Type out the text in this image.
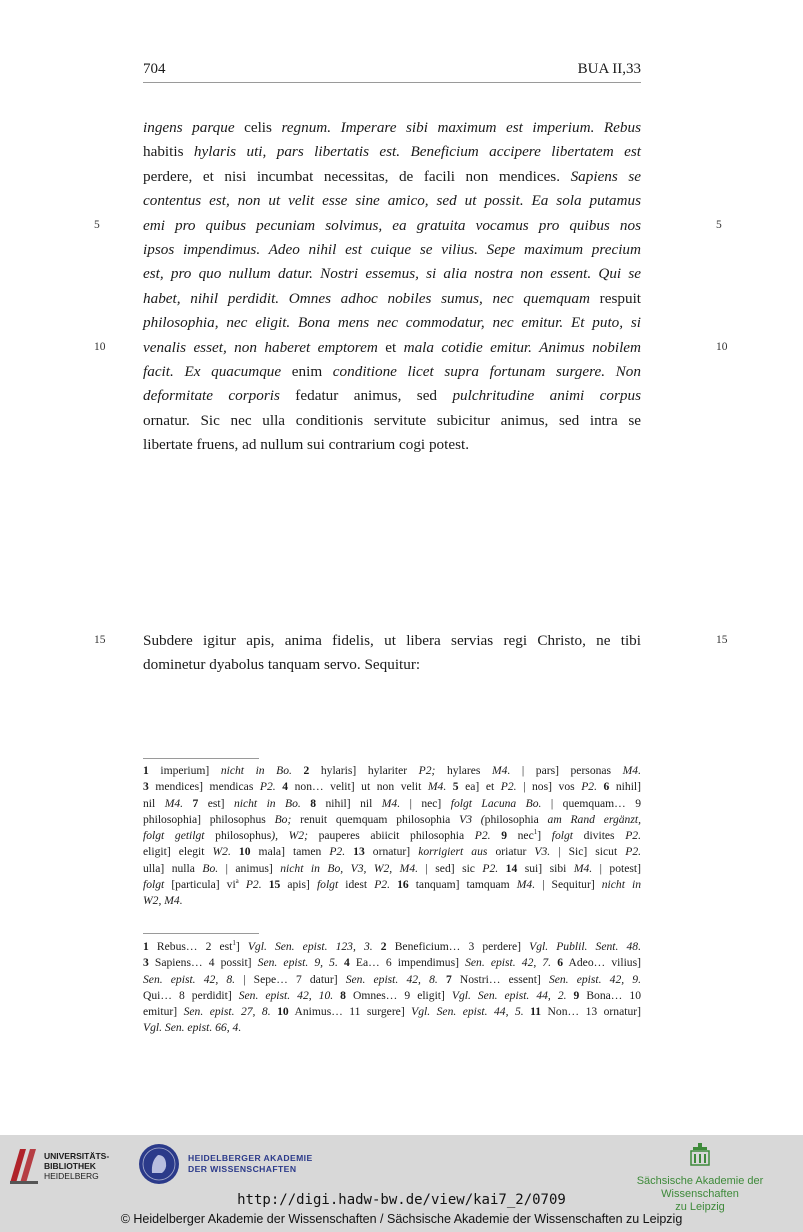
704	BUA II,33
ingens parque celis regnum. Imperare sibi maximum est imperium. Rebus
habitis hylaris uti, pars libertatis est. Beneficium accipere libertatem est
perdere, et nisi incumbat necessitas, de facili non mendices. Sapiens se
contentus est, non ut velit esse sine amico, sed ut possit. Ea sola putamus
emi pro quibus pecuniam solvimus, ea gratuita vocamus pro quibus nos
ipsos impendimus. Adeo nihil est cuique se vilius. Sepe maximum precium
est, pro quo nullum datur. Nostri essemus, si alia nostra non essent. Qui se
habet, nihil perdidit. Omnes adhoc nobiles sumus, nec quemquam respuit
philosophia, nec eligit. Bona mens nec commodatur, nec emitur. Et puto, si
venalis esset, non haberet emptorem et mala cotidie emitur. Animus nobilem
facit. Ex quacumque enim conditione licet supra fortunam surgere. Non
deformitate corporis fedatur animus, sed pulchritudine animi corpus
ornatur. Sic nec ulla conditionis servitute subicitur animus, sed intra se
libertate fruens, ad nullum sui contrarium cogi potest.
5	5
10	10
15	15
Subdere igitur apis, anima fidelis, ut libera servias regi Christo, ne tibi
dominetur dyabolus tanquam servo. Sequitur:
1 imperium] nicht in Bo. 2 hylaris] hylariter P2; hylares M4. | pars] personas M4.
3 mendices] mendicas P2. 4 non… velit] ut non velit M4. 5 ea] et P2. | nos] vos P2. 6 nihil]
nil M4. 7 est] nicht in Bo. 8 nihil] nil M4. | nec] folgt Lacuna Bo. | quemquam… 9
philosophia] philosophus Bo; renuit quemquam philosophia V3 (philosophia am Rand ergänzt,
folgt getilgt philosophus), W2; pauperes abiicit philosophia P2. 9 nec$^1$] folgt divites P2.
eligit] elegit W2. 10 mala] tamen P2. 13 ornatur] korrigiert aus oriatur V3. | Sic] sicut P2.
ulla] nulla Bo. | animus] nicht in Bo, V3, W2, M4. | sed] sic P2. 14 sui] sibi M4. | potest]
folgt [particula] $vi^a$ P2. 15 apis] folgt idest P2. 16 tanquam] tamquam M4. | Sequitur] nicht in
W2, M4.
1 Rebus… 2 est$^1$] Vgl. Sen. epist. 123, 3. 2 Beneficium… 3 perdere] Vgl. Publil. Sent. 48.
3 Sapiens… 4 possit] Sen. epist. 9, 5. 4 Ea… 6 impendimus] Sen. epist. 42, 7. 6 Adeo… vilius]
Sen. epist. 42, 8. | Sepe… 7 datur] Sen. epist. 42, 8. 7 Nostri… essent] Sen. epist. 42, 9.
Qui… 8 perdidit] Sen. epist. 42, 10. 8 Omnes… 9 eligit] Vgl. Sen. epist. 44, 2. 9 Bona… 10
emitur] Sen. epist. 27, 8. 10 Animus… 11 surgere] Vgl. Sen. epist. 44, 5. 11 Non… 13 ornatur]
Vgl. Sen. epist. 66, 4.
UNIVERSITÄTS-
BIBLIOTHEK
HEIDELBERG
HEIDELBERGER AKADEMIE
DER WISSENSCHAFTEN
Sächsische Akademie der Wissenschaften
zu Leipzig
http://digi.hadw-bw.de/view/kai7_2/0709
© Heidelberger Akademie der Wissenschaften / Sächsische Akademie der Wissenschaften zu Leipzig
